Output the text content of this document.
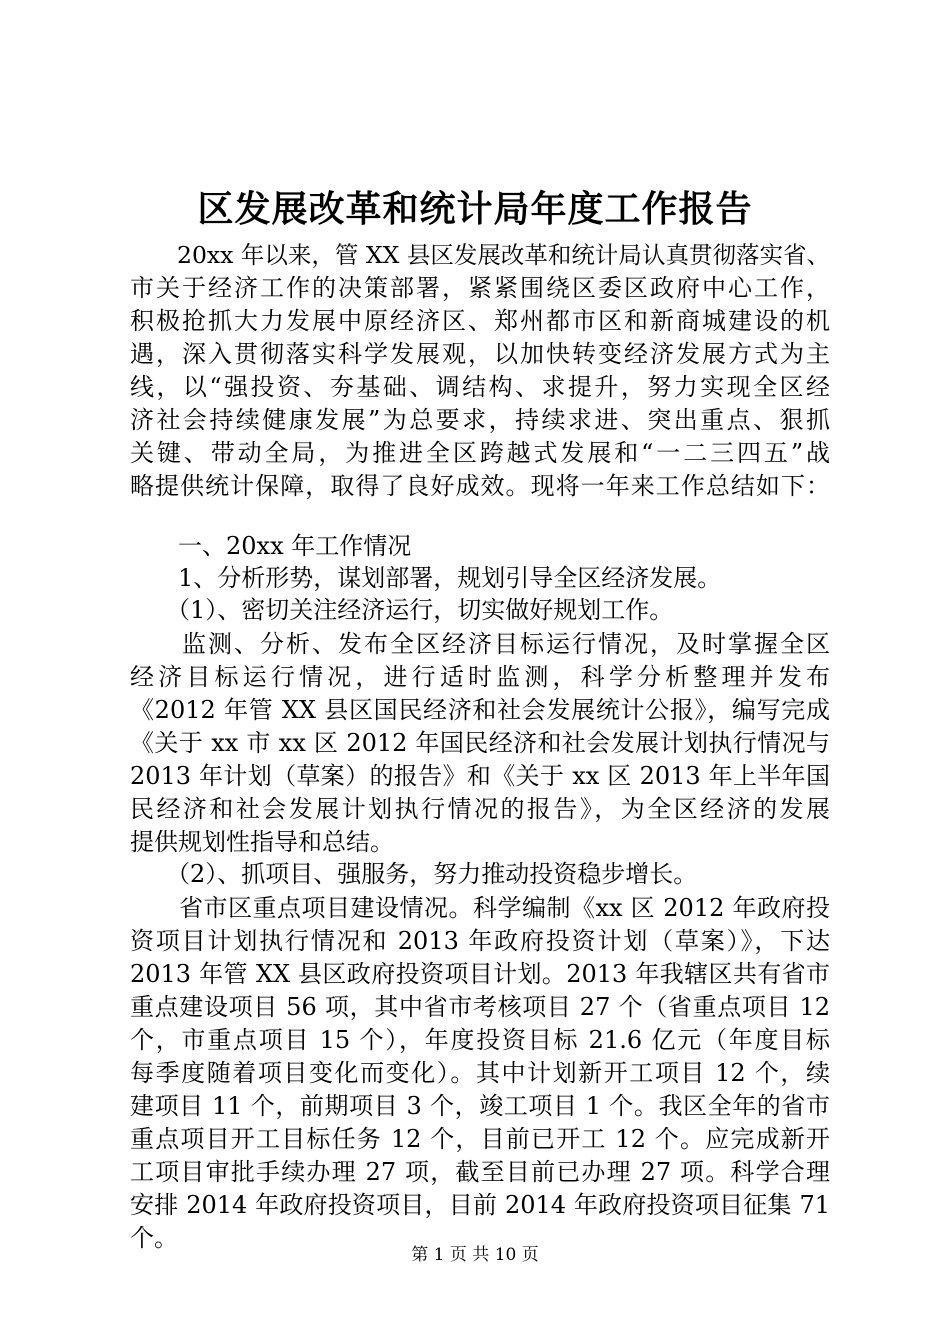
区发展改革和统计局年度工作报告
　　20xx 年以来，管 XX 县区发展改革和统计局认真贯彻落实省、
市关于经济工作的决策部署，紧紧围绕区委区政府中心工作，
积极抢抓大力发展中原经济区、郑州都市区和新商城建设的机
遇，深入贯彻落实科学发展观，以加快转变经济发展方式为主
线，以“强投资、夯基础、调结构、求提升，努力实现全区经
济社会持续健康发展”为总要求，持续求进、突出重点、狠抓
关键、带动全局，为推进全区跨越式发展和“一二三四五”战
略提供统计保障，取得了良好成效。现将一年来工作总结如下：
　　一、20xx 年工作情况
　　1、分析形势，谋划部署，规划引导全区经济发展。
　　（1）、密切关注经济运行，切实做好规划工作。
　　监测、分析、发布全区经济目标运行情况，及时掌握全区
经济目标运行情况，进行适时监测，科学分析整理并发布
《2012 年管 XX 县区国民经济和社会发展统计公报》，编写完成
《关于 xx 市 xx 区 2012 年国民经济和社会发展计划执行情况与
2013 年计划（草案）的报告》和《关于 xx 区 2013 年上半年国
民经济和社会发展计划执行情况的报告》，为全区经济的发展
提供规划性指导和总结。
　　（2）、抓项目、强服务，努力推动投资稳步增长。
　　省市区重点项目建设情况。科学编制《xx 区 2012 年政府投
资项目计划执行情况和 2013 年政府投资计划（草案）》，下达
2013 年管 XX 县区政府投资项目计划。2013 年我辖区共有省市
重点建设项目 56 项，其中省市考核项目 27 个（省重点项目 12
个，市重点项目 15 个），年度投资目标 21.6 亿元（年度目标
每季度随着项目变化而变化）。其中计划新开工项目 12 个，续
建项目 11 个，前期项目 3 个，竣工项目 1 个。我区全年的省市
重点项目开工目标任务 12 个，目前已开工 12 个。应完成新开
工项目审批手续办理 27 项，截至目前已办理 27 项。科学合理
安排 2014 年政府投资项目，目前 2014 年政府投资项目征集 71
个。
第 1 页 共 10 页
